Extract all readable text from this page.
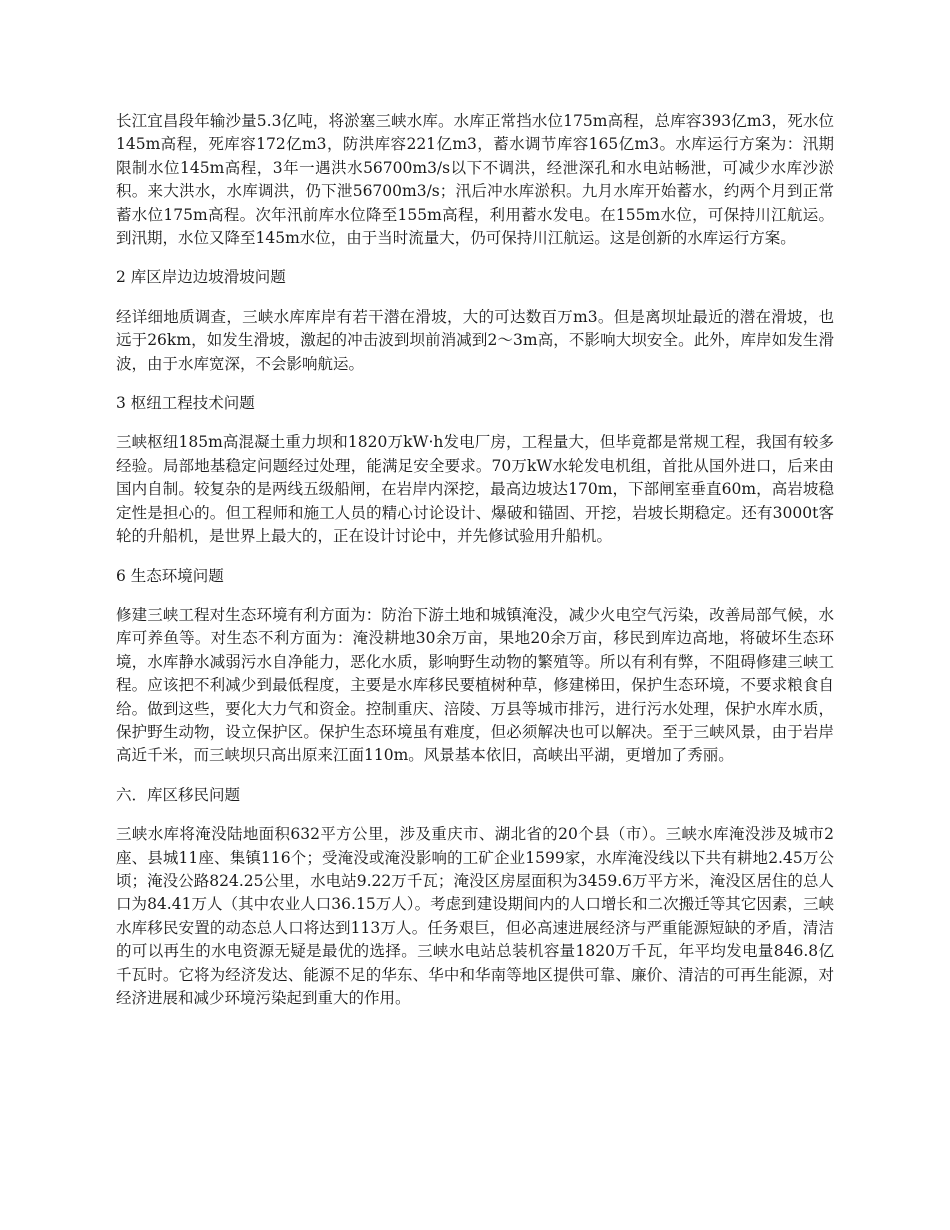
长江宜昌段年输沙量5.3亿吨，将淤塞三峡水库。水库正常挡水位175m高程，总库容393亿m3，死水位145m高程，死库容172亿m3，防洪库容221亿m3，蓄水调节库容165亿m3。水库运行方案为：汛期限制水位145m高程，3年一遇洪水56700m3/s以下不调洪，经泄深孔和水电站畅泄，可减少水库沙淤积。来大洪水，水库调洪，仍下泄56700m3/s；汛后冲水库淤积。九月水库开始蓄水，约两个月到正常蓄水位175m高程。次年汛前库水位降至155m高程，利用蓄水发电。在155m水位，可保持川江航运。到汛期，水位又降至145m水位，由于当时流量大，仍可保持川江航运。这是创新的水库运行方案。

2 库区岸边边坡滑坡问题

经详细地质调查，三峡水库库岸有若干潜在滑坡，大的可达数百万m3。但是离坝址最近的潜在滑坡，也远于26km，如发生滑坡，激起的冲击波到坝前消减到2～3m高，不影响大坝安全。此外，库岸如发生滑波，由于水库宽深，不会影响航运。

3 枢纽工程技术问题

三峡枢纽185m高混凝土重力坝和1820万kW·h发电厂房，工程量大，但毕竟都是常规工程，我国有较多经验。局部地基稳定问题经过处理，能满足安全要求。70万kW水轮发电机组，首批从国外进口，后来由国内自制。较复杂的是两线五级船闸，在岩岸内深挖，最高边坡达170m，下部闸室垂直60m，高岩坡稳定性是担心的。但工程师和施工人员的精心讨论设计、爆破和锚固、开挖，岩坡长期稳定。还有3000t客轮的升船机，是世界上最大的，正在设计讨论中，并先修试验用升船机。

6 生态环境问题

修建三峡工程对生态环境有利方面为：防治下游土地和城镇淹没，减少火电空气污染，改善局部气候，水库可养鱼等。对生态不利方面为：淹没耕地30余万亩，果地20余万亩，移民到库边高地，将破坏生态环境，水库静水减弱污水自净能力，恶化水质，影响野生动物的繁殖等。所以有利有弊，不阻碍修建三峡工程。应该把不利减少到最低程度，主要是水库移民要植树种草，修建梯田，保护生态环境，不要求粮食自给。做到这些，要化大力气和资金。控制重庆、涪陵、万县等城市排污，进行污水处理，保护水库水质，保护野生动物，设立保护区。保护生态环境虽有难度，但必须解决也可以解决。至于三峡风景，由于岩岸高近千米，而三峡坝只高出原来江面110m。风景基本依旧，高峡出平湖，更增加了秀丽。

六．库区移民问题

三峡水库将淹没陆地面积632平方公里，涉及重庆市、湖北省的20个县（市）。三峡水库淹没涉及城市2座、县城11座、集镇116个；受淹没或淹没影响的工矿企业1599家，水库淹没线以下共有耕地2.45万公顷；淹没公路824.25公里，水电站9.22万千瓦；淹没区房屋面积为3459.6万平方米，淹没区居住的总人口为84.41万人（其中农业人口36.15万人）。考虑到建设期间内的人口增长和二次搬迁等其它因素，三峡水库移民安置的动态总人口将达到113万人。任务艰巨，但必高速进展经济与严重能源短缺的矛盾，清洁的可以再生的水电资源无疑是最优的选择。三峡水电站总装机容量1820万千瓦，年平均发电量846.8亿千瓦时。它将为经济发达、能源不足的华东、华中和华南等地区提供可靠、廉价、清洁的可再生能源，对经济进展和减少环境污染起到重大的作用。
